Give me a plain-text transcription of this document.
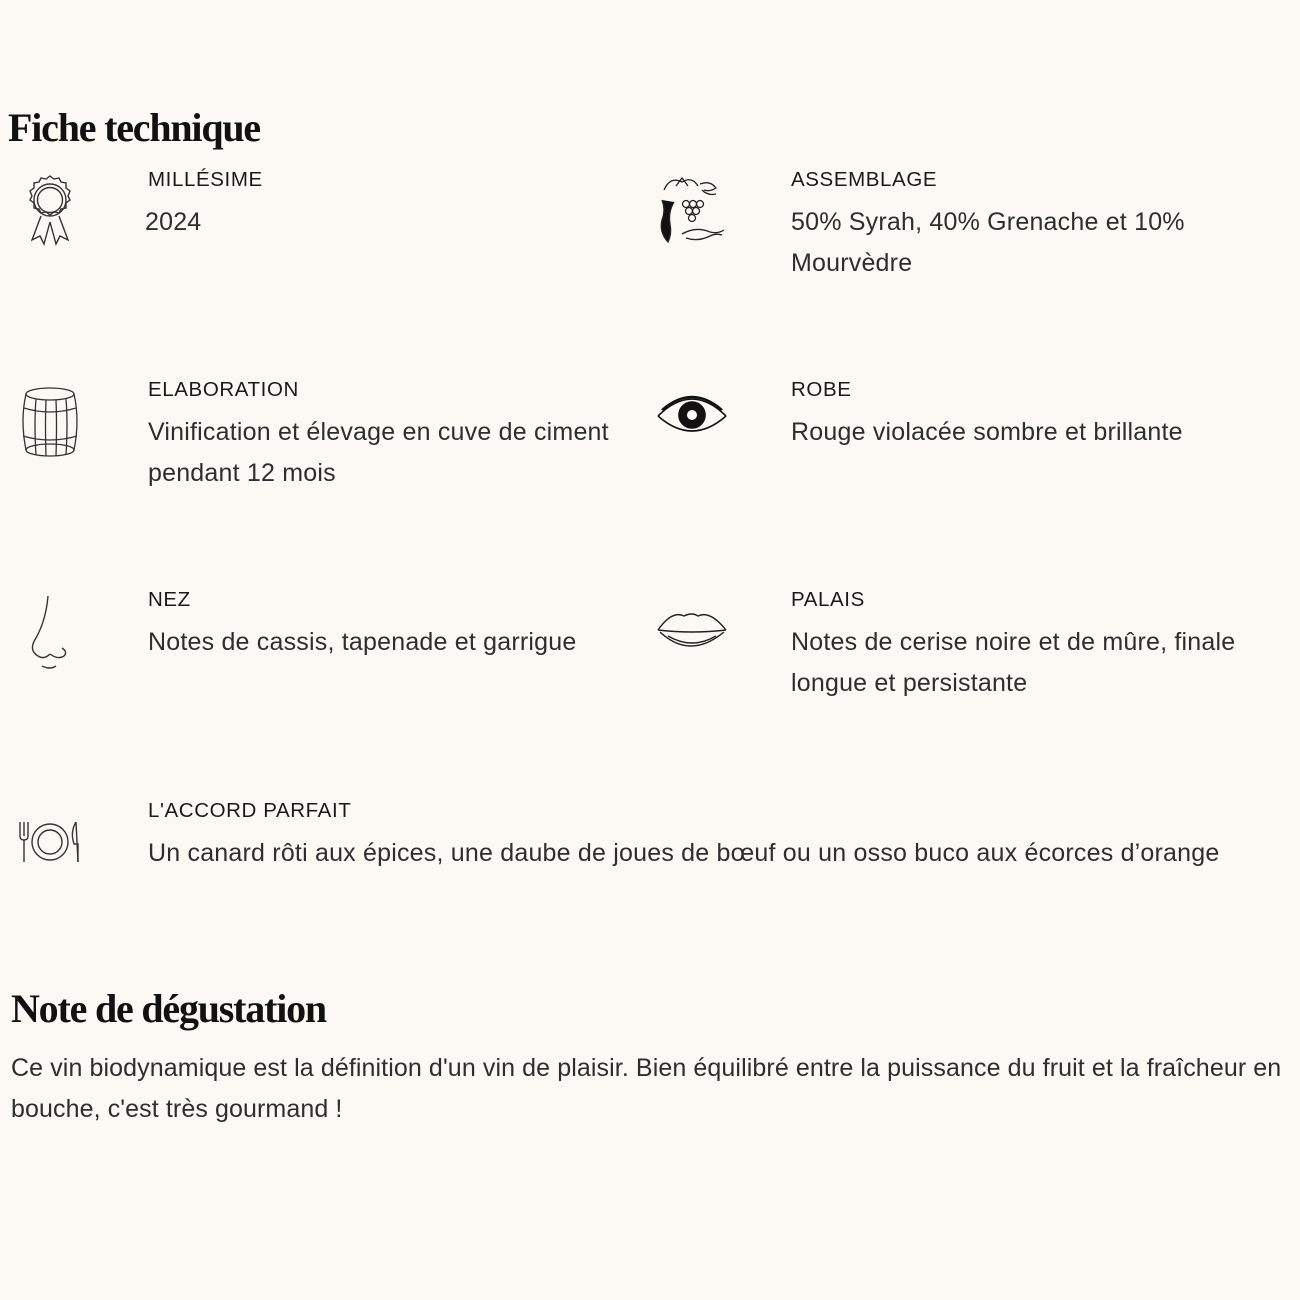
Fiche technique

MILLÉSIME

2024

ASSEMBLAGE

50% Syrah, 40% Grenache et 10% Mourvèdre

ELABORATION

Vinification et élevage en cuve de ciment pendant 12 mois

ROBE

Rouge violacée sombre et brillante

NEZ

Notes de cassis, tapenade et garrigue

PALAIS

Notes de cerise noire et de mûre, finale longue et persistante

L'ACCORD PARFAIT

Un canard rôti aux épices, une daube de joues de bœuf ou un osso buco aux écorces d’orange

Note de dégustation

Ce vin biodynamique est la définition d'un vin de plaisir. Bien équilibré entre la puissance du fruit et la fraîcheur en bouche, c'est très gourmand !
